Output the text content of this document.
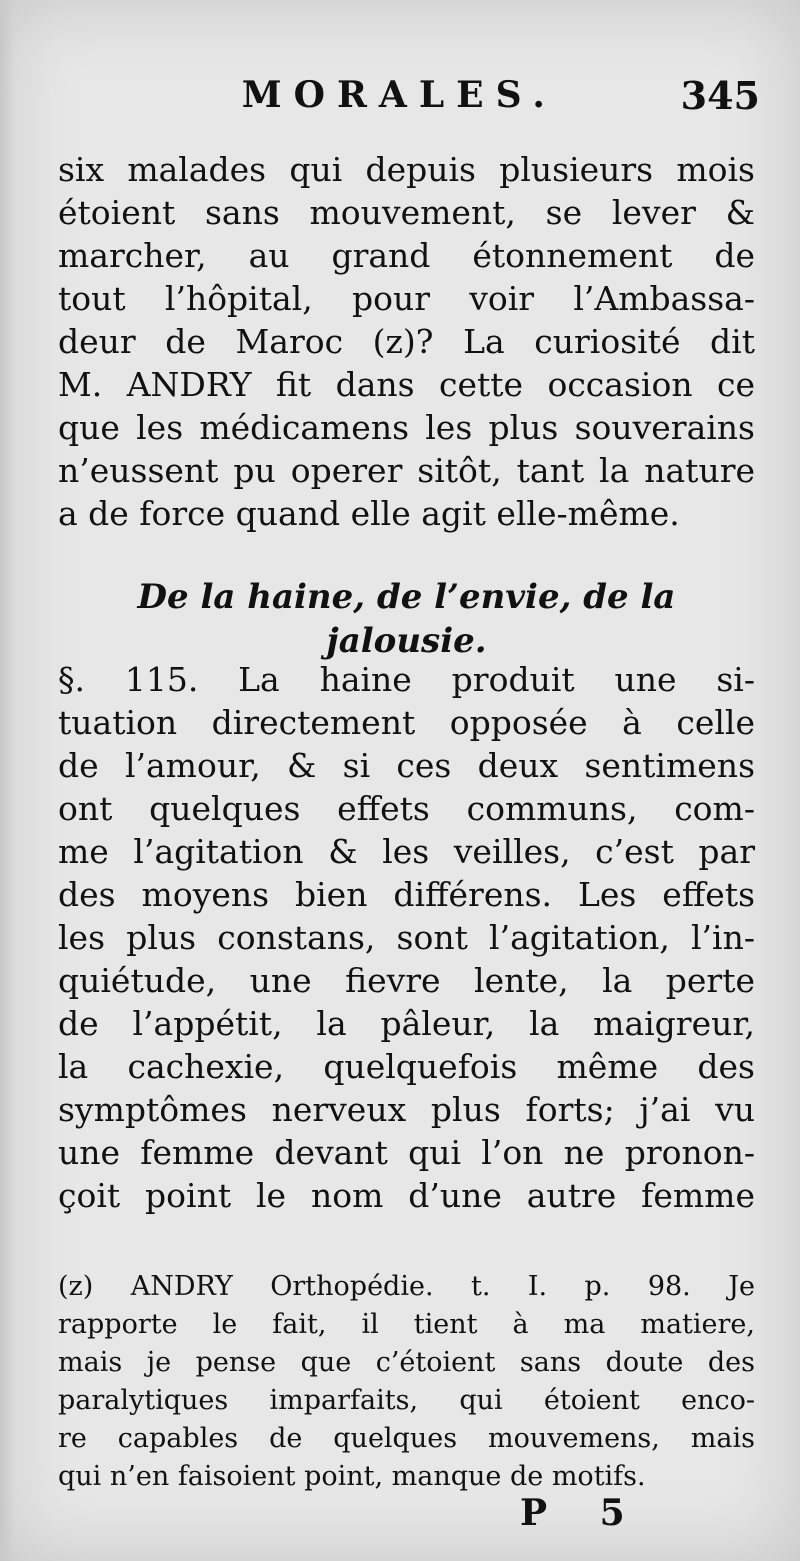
MORALES.	345
six malades qui depuis plusieurs mois
étoient sans mouvement, se lever &
marcher, au grand étonnement de
tout l’hôpital, pour voir l’Ambassa-
deur de Maroc (z)? La curiosité dit
M. ANDRY fit dans cette occasion ce
que les médicamens les plus souverains
n’eussent pu operer sitôt, tant la nature
a de force quand elle agit elle-même.
De la haine, de l’envie, de la jalousie.
§. 115. La haine produit une si-
tuation directement opposée à celle
de l’amour, & si ces deux sentimens
ont quelques effets communs, com-
me l’agitation & les veilles, c’est par
des moyens bien différens. Les effets
les plus constans, sont l’agitation, l’in-
quiétude, une fievre lente, la perte
de l’appétit, la pâleur, la maigreur,
la cachexie, quelquefois même des
symptômes nerveux plus forts; j’ai vu
une femme devant qui l’on ne pronon-
çoit point le nom d’une autre femme
(z) ANDRY Orthopédie. t. I. p. 98. Je
rapporte le fait, il tient à ma matiere,
mais je pense que c’étoient sans doute des
paralytiques imparfaits, qui étoient enco-
re capables de quelques mouvemens, mais
qui n’en faisoient point, manque de motifs.
P 5
